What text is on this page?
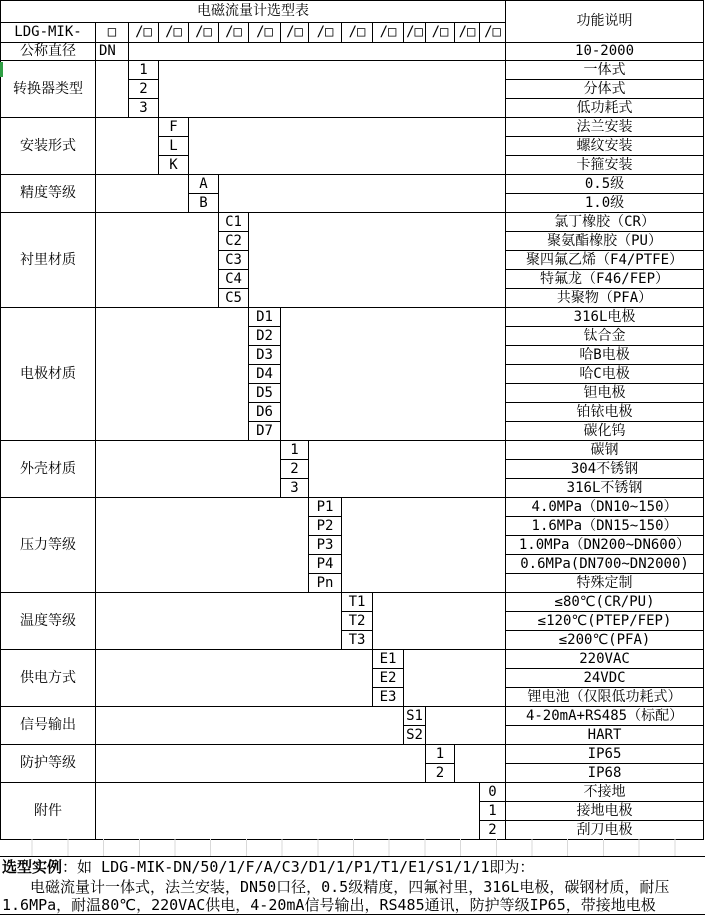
电磁流量计选型表															功能说明
LDG-MIK-	□	/□	/□	/□	/□	/□	/□	/□	/□	/□	/□	/□	/□	/□	
公称直径	DN														10-2000
转换器类型		1													一体式
		2													分体式
		3													低功耗式
安装形式			F												法兰安装
			L												螺纹安装
			K												卡箍安装
精度等级				A											0.5级
				B											1.0级
衬里材质					C1										氯丁橡胶（CR）
					C2										聚氨酯橡胶（PU）
					C3										聚四氟乙烯（F4/PTFE）
					C4										特氟龙（F46/FEP）
					C5										共聚物（PFA）
电极材质						D1									316L电极
						D2									钛合金
						D3									哈B电极
						D4									哈C电极
						D5									钽电极
						D6									铂铱电极
						D7									碳化钨
外壳材质							1								碳钢
							2								304不锈钢
							3								316L不锈钢
压力等级								P1							4.0MPa（DN10~150）
								P2							1.6MPa（DN15~150）
								P3							1.0MPa（DN200~DN600）
								P4							0.6MPa(DN700~DN2000)
								Pn							特殊定制
温度等级									T1						≤80℃(CR/PU)
									T2						≤120℃(PTEP/FEP)
									T3						≤200℃(PFA)
供电方式										E1					220VAC
										E2					24VDC
										E3					锂电池（仅限低功耗式）
信号输出											S1				4-20mA+RS485（标配）
											S2				HART
防护等级												1			IP65
												2			IP68
附件														0	不接地
														1	接地电极
														2	刮刀电极
选型实例：如 LDG-MIK-DN/50/1/F/A/C3/D1/1/P1/T1/E1/S1/1/1即为：
电磁流量计一体式，法兰安装，DN50口径，0.5级精度，四氟衬里，316L电极，碳钢材质，耐压
1.6MPa，耐温80℃，220VAC供电，4-20mA信号输出，RS485通讯，防护等级IP65，带接地电极
